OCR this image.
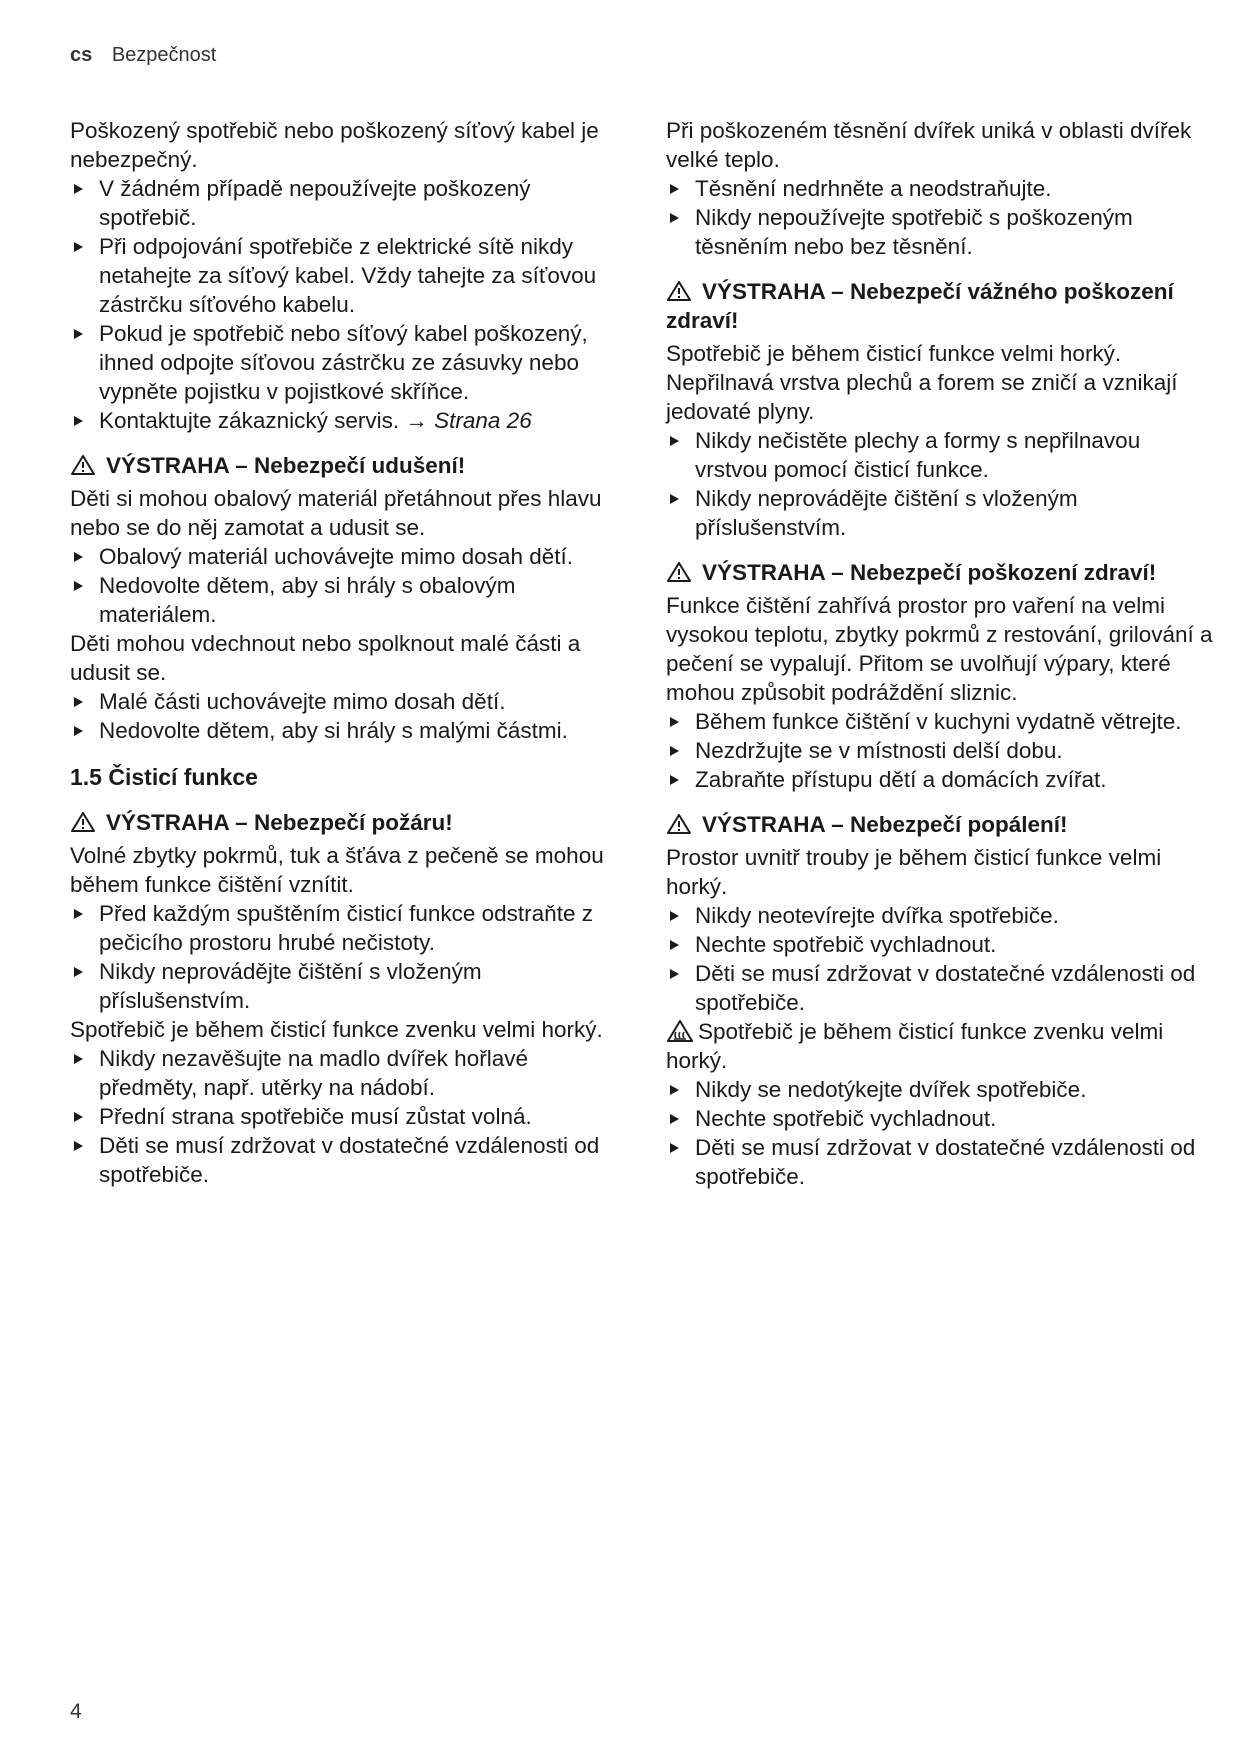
cs Bezpečnost

Poškozený spotřebič nebo poškozený síťový kabel je nebezpečný.

V žádném případě nepoužívejte poškozený spotřebič.

Při odpojování spotřebiče z elektrické sítě nikdy netahejte za síťový kabel. Vždy tahejte za síťovou zástrčku síťového kabelu.

Pokud je spotřebič nebo síťový kabel poškozený, ihned odpojte síťovou zástrčku ze zásuvky nebo vypněte pojistku v pojistkové skříňce.

Kontaktujte zákaznický servis. → Strana 26

VÝSTRAHA – Nebezpečí udušení!

Děti si mohou obalový materiál přetáhnout přes hlavu nebo se do něj zamotat a udusit se.

Obalový materiál uchovávejte mimo dosah dětí.

Nedovolte dětem, aby si hrály s obalovým materiálem.

Děti mohou vdechnout nebo spolknout malé části a udusit se.

Malé části uchovávejte mimo dosah dětí.

Nedovolte dětem, aby si hrály s malými částmi.

1.5 Čisticí funkce
VÝSTRAHA – Nebezpečí požáru!

Volné zbytky pokrmů, tuk a šťáva z pečeně se mohou během funkce čištění vznítit.

Před každým spuštěním čisticí funkce odstraňte z pečicího prostoru hrubé nečistoty.

Nikdy neprovádějte čištění s vloženým příslušenstvím.

Spotřebič je během čisticí funkce zvenku velmi horký.

Nikdy nezavěšujte na madlo dvířek hořlavé předměty, např. utěrky na nádobí.

Přední strana spotřebiče musí zůstat volná.

Děti se musí zdržovat v dostatečné vzdálenosti od spotřebiče.

Při poškozeném těsnění dvířek uniká v oblasti dvířek velké teplo.

Těsnění nedrhněte a neodstraňujte.

Nikdy nepoužívejte spotřebič s poškozeným těsněním nebo bez těsnění.

VÝSTRAHA – Nebezpečí vážného poškození zdraví!

Spotřebič je během čisticí funkce velmi horký. Nepřilnavá vrstva plechů a forem se zničí a vznikají jedovaté plyny.

Nikdy nečistěte plechy a formy s nepřilnavou vrstvou pomocí čisticí funkce.

Nikdy neprovádějte čištění s vloženým příslušenstvím.

VÝSTRAHA – Nebezpečí poškození zdraví!

Funkce čištění zahřívá prostor pro vaření na velmi vysokou teplotu, zbytky pokrmů z restování, grilování a pečení se vypalují. Přitom se uvolňují výpary, které mohou způsobit podráždění sliznic.

Během funkce čištění v kuchyni vydatně větrejte.

Nezdržujte se v místnosti delší dobu.

Zabraňte přístupu dětí a domácích zvířat.

VÝSTRAHA – Nebezpečí popálení!

Prostor uvnitř trouby je během čisticí funkce velmi horký.

Nikdy neotevírejte dvířka spotřebiče.

Nechte spotřebič vychladnout.

Děti se musí zdržovat v dostatečné vzdálenosti od spotřebiče.

Spotřebič je během čisticí funkce zvenku velmi horký.

Nikdy se nedotýkejte dvířek spotřebiče.

Nechte spotřebič vychladnout.

Děti se musí zdržovat v dostatečné vzdálenosti od spotřebiče.

4
